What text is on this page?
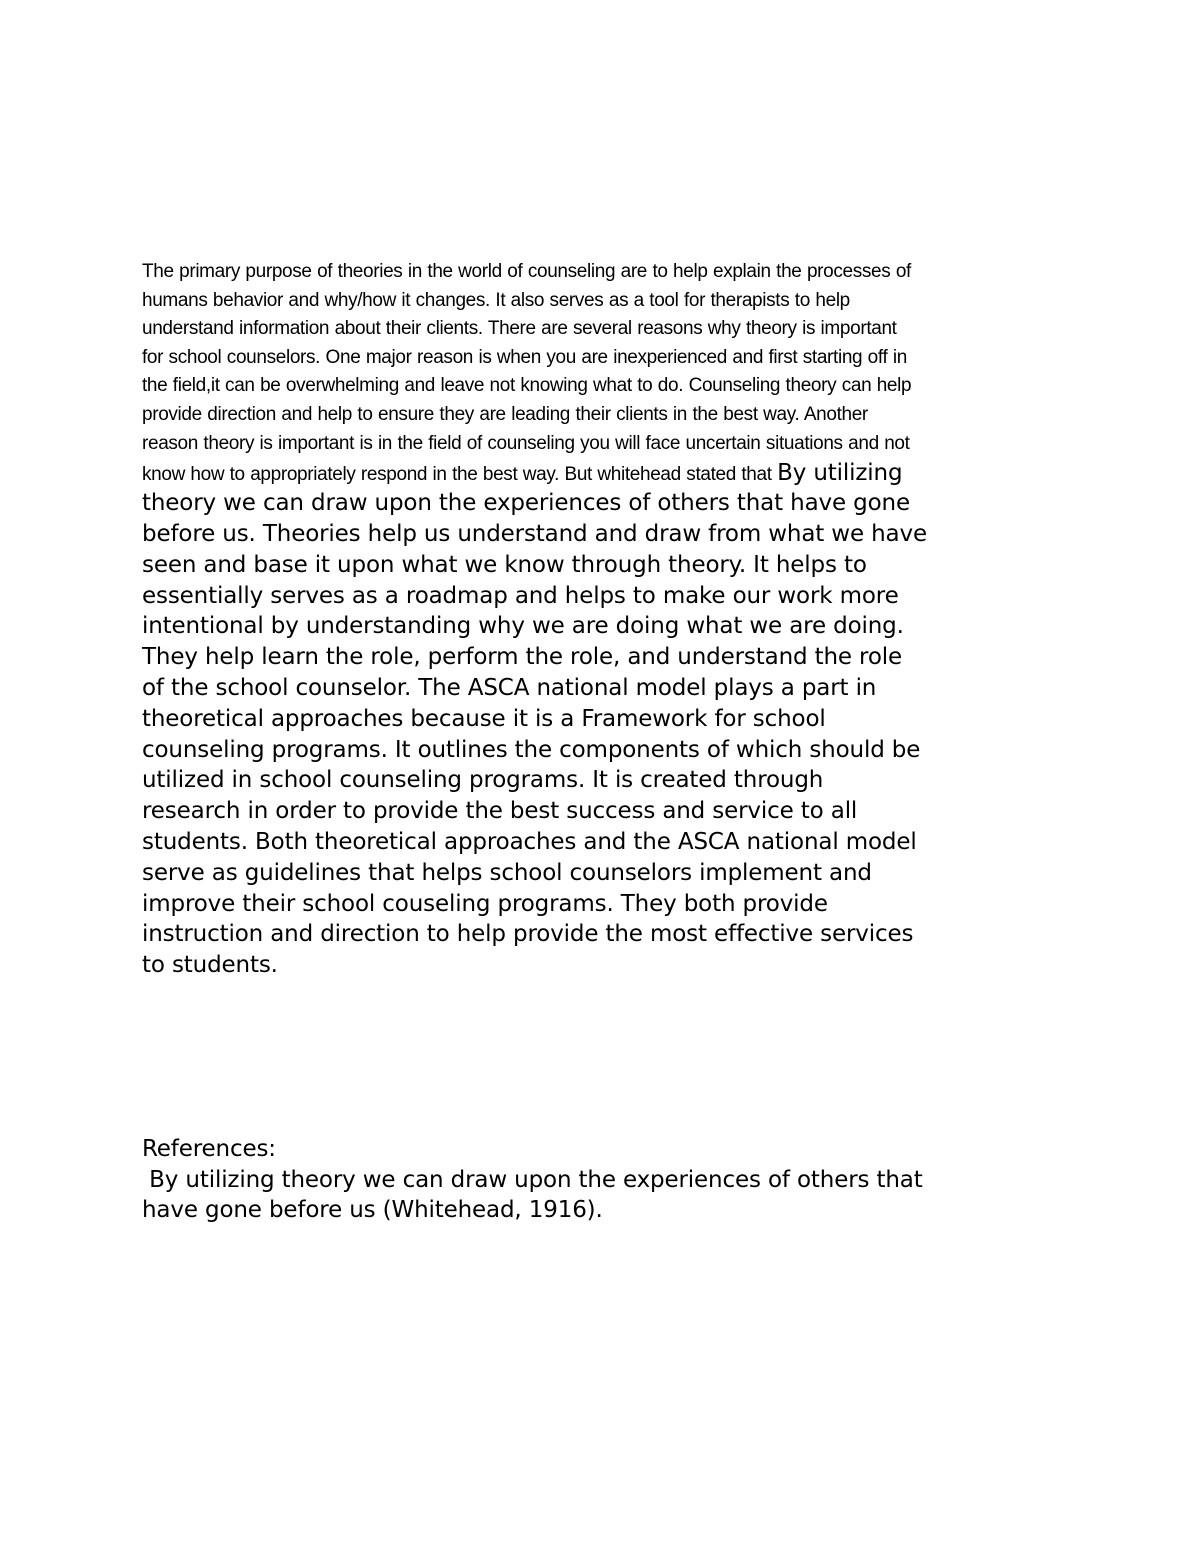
The primary purpose of theories in the world of counseling are to help explain the processes of
humans behavior and why/how it changes. It also serves as a tool for therapists to help
understand information about their clients. There are several reasons why theory is important
for school counselors. One major reason is when you are inexperienced and first starting off in
the field,it can be overwhelming and leave not knowing what to do. Counseling theory can help
provide direction and help to ensure they are leading their clients in the best way. Another
reason theory is important is in the field of counseling you will face uncertain situations and not
know how to appropriately respond in the best way. But whitehead stated that By utilizing
theory we can draw upon the experiences of others that have gone
before us. Theories help us understand and draw from what we have
seen and base it upon what we know through theory. It helps to
essentially serves as a roadmap and helps to make our work more
intentional by understanding why we are doing what we are doing.
They help learn the role, perform the role, and understand the role
of the school counselor. The ASCA national model plays a part in
theoretical approaches because it is a Framework for school
counseling programs. It outlines the components of which should be
utilized in school counseling programs. It is created through
research in order to provide the best success and service to all
students. Both theoretical approaches and the ASCA national model
serve as guidelines that helps school counselors implement and
improve their school couseling programs. They both provide
instruction and direction to help provide the most effective services
to students.
References:
By utilizing theory we can draw upon the experiences of others that
have gone before us (Whitehead, 1916).
